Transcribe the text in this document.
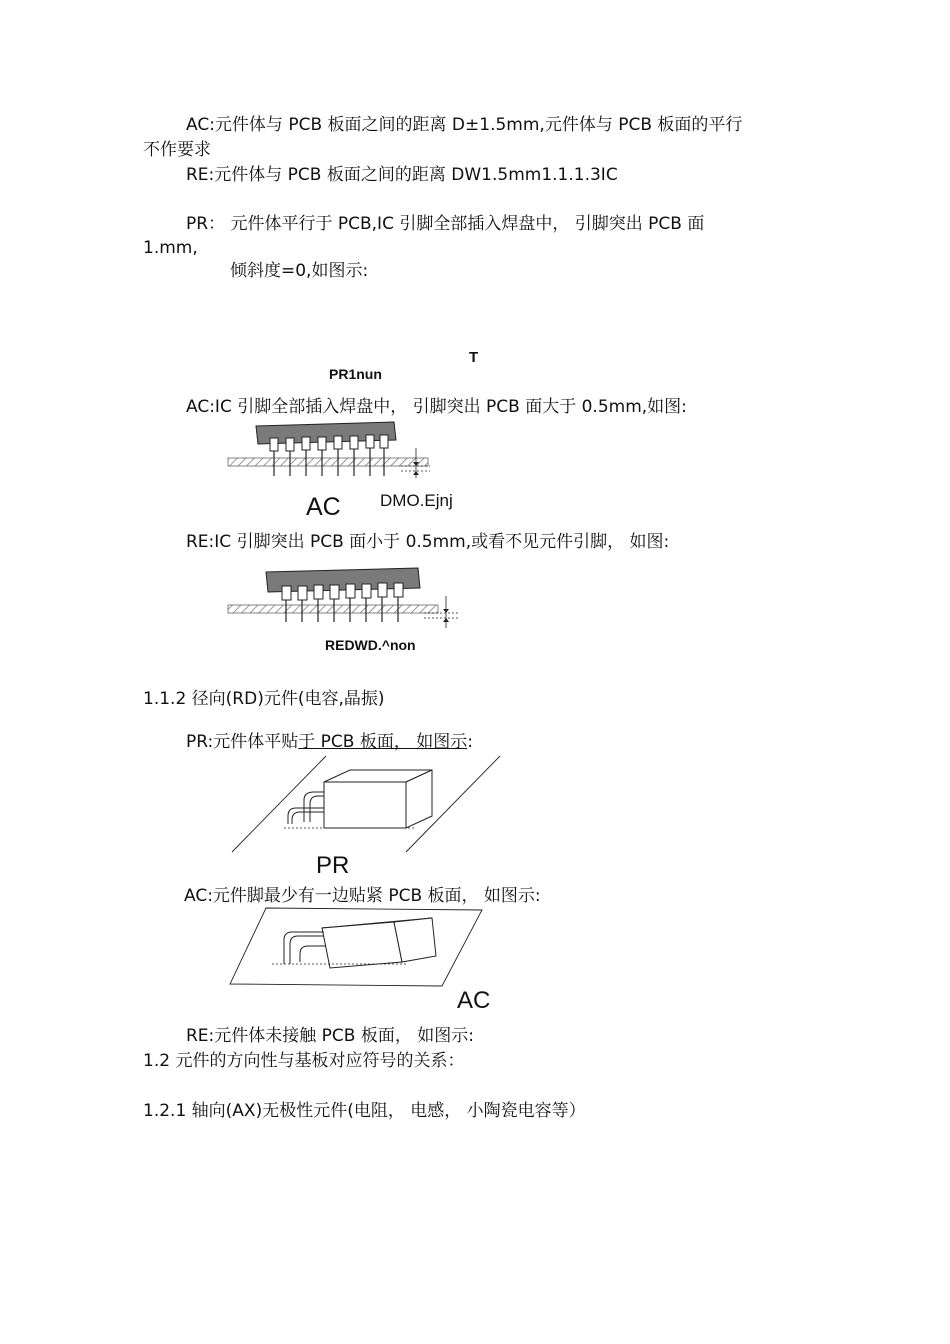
AC:元件体与 PCB 板面之间的距离 D±1.5mm,元件体与 PCB 板面的平行
不作要求
RE:元件体与 PCB 板面之间的距离 DW1.5mm1.1.1.3IC
PR： 元件体平行于 PCB,IC 引脚全部插入焊盘中， 引脚突出 PCB 面
1.mm,
倾斜度=0,如图示:
T
PR1nun
AC:IC 引脚全部插入焊盘中， 引脚突出 PCB 面大于 0.5mm,如图:
AC DMO.Ejnj
RE:IC 引脚突出 PCB 面小于 0.5mm,或看不见元件引脚， 如图:
REDWD.^non
1.1.2 径向(RD)元件(电容,晶振)
PR:元件体平贴于 PCB 板面， 如图示:
PR
AC:元件脚最少有一边贴紧 PCB 板面， 如图示:
AC
RE:元件体未接触 PCB 板面， 如图示:
1.2 元件的方向性与基板对应符号的关系：
1.2.1 轴向(AX)无极性元件(电阻， 电感， 小陶瓷电容等）
